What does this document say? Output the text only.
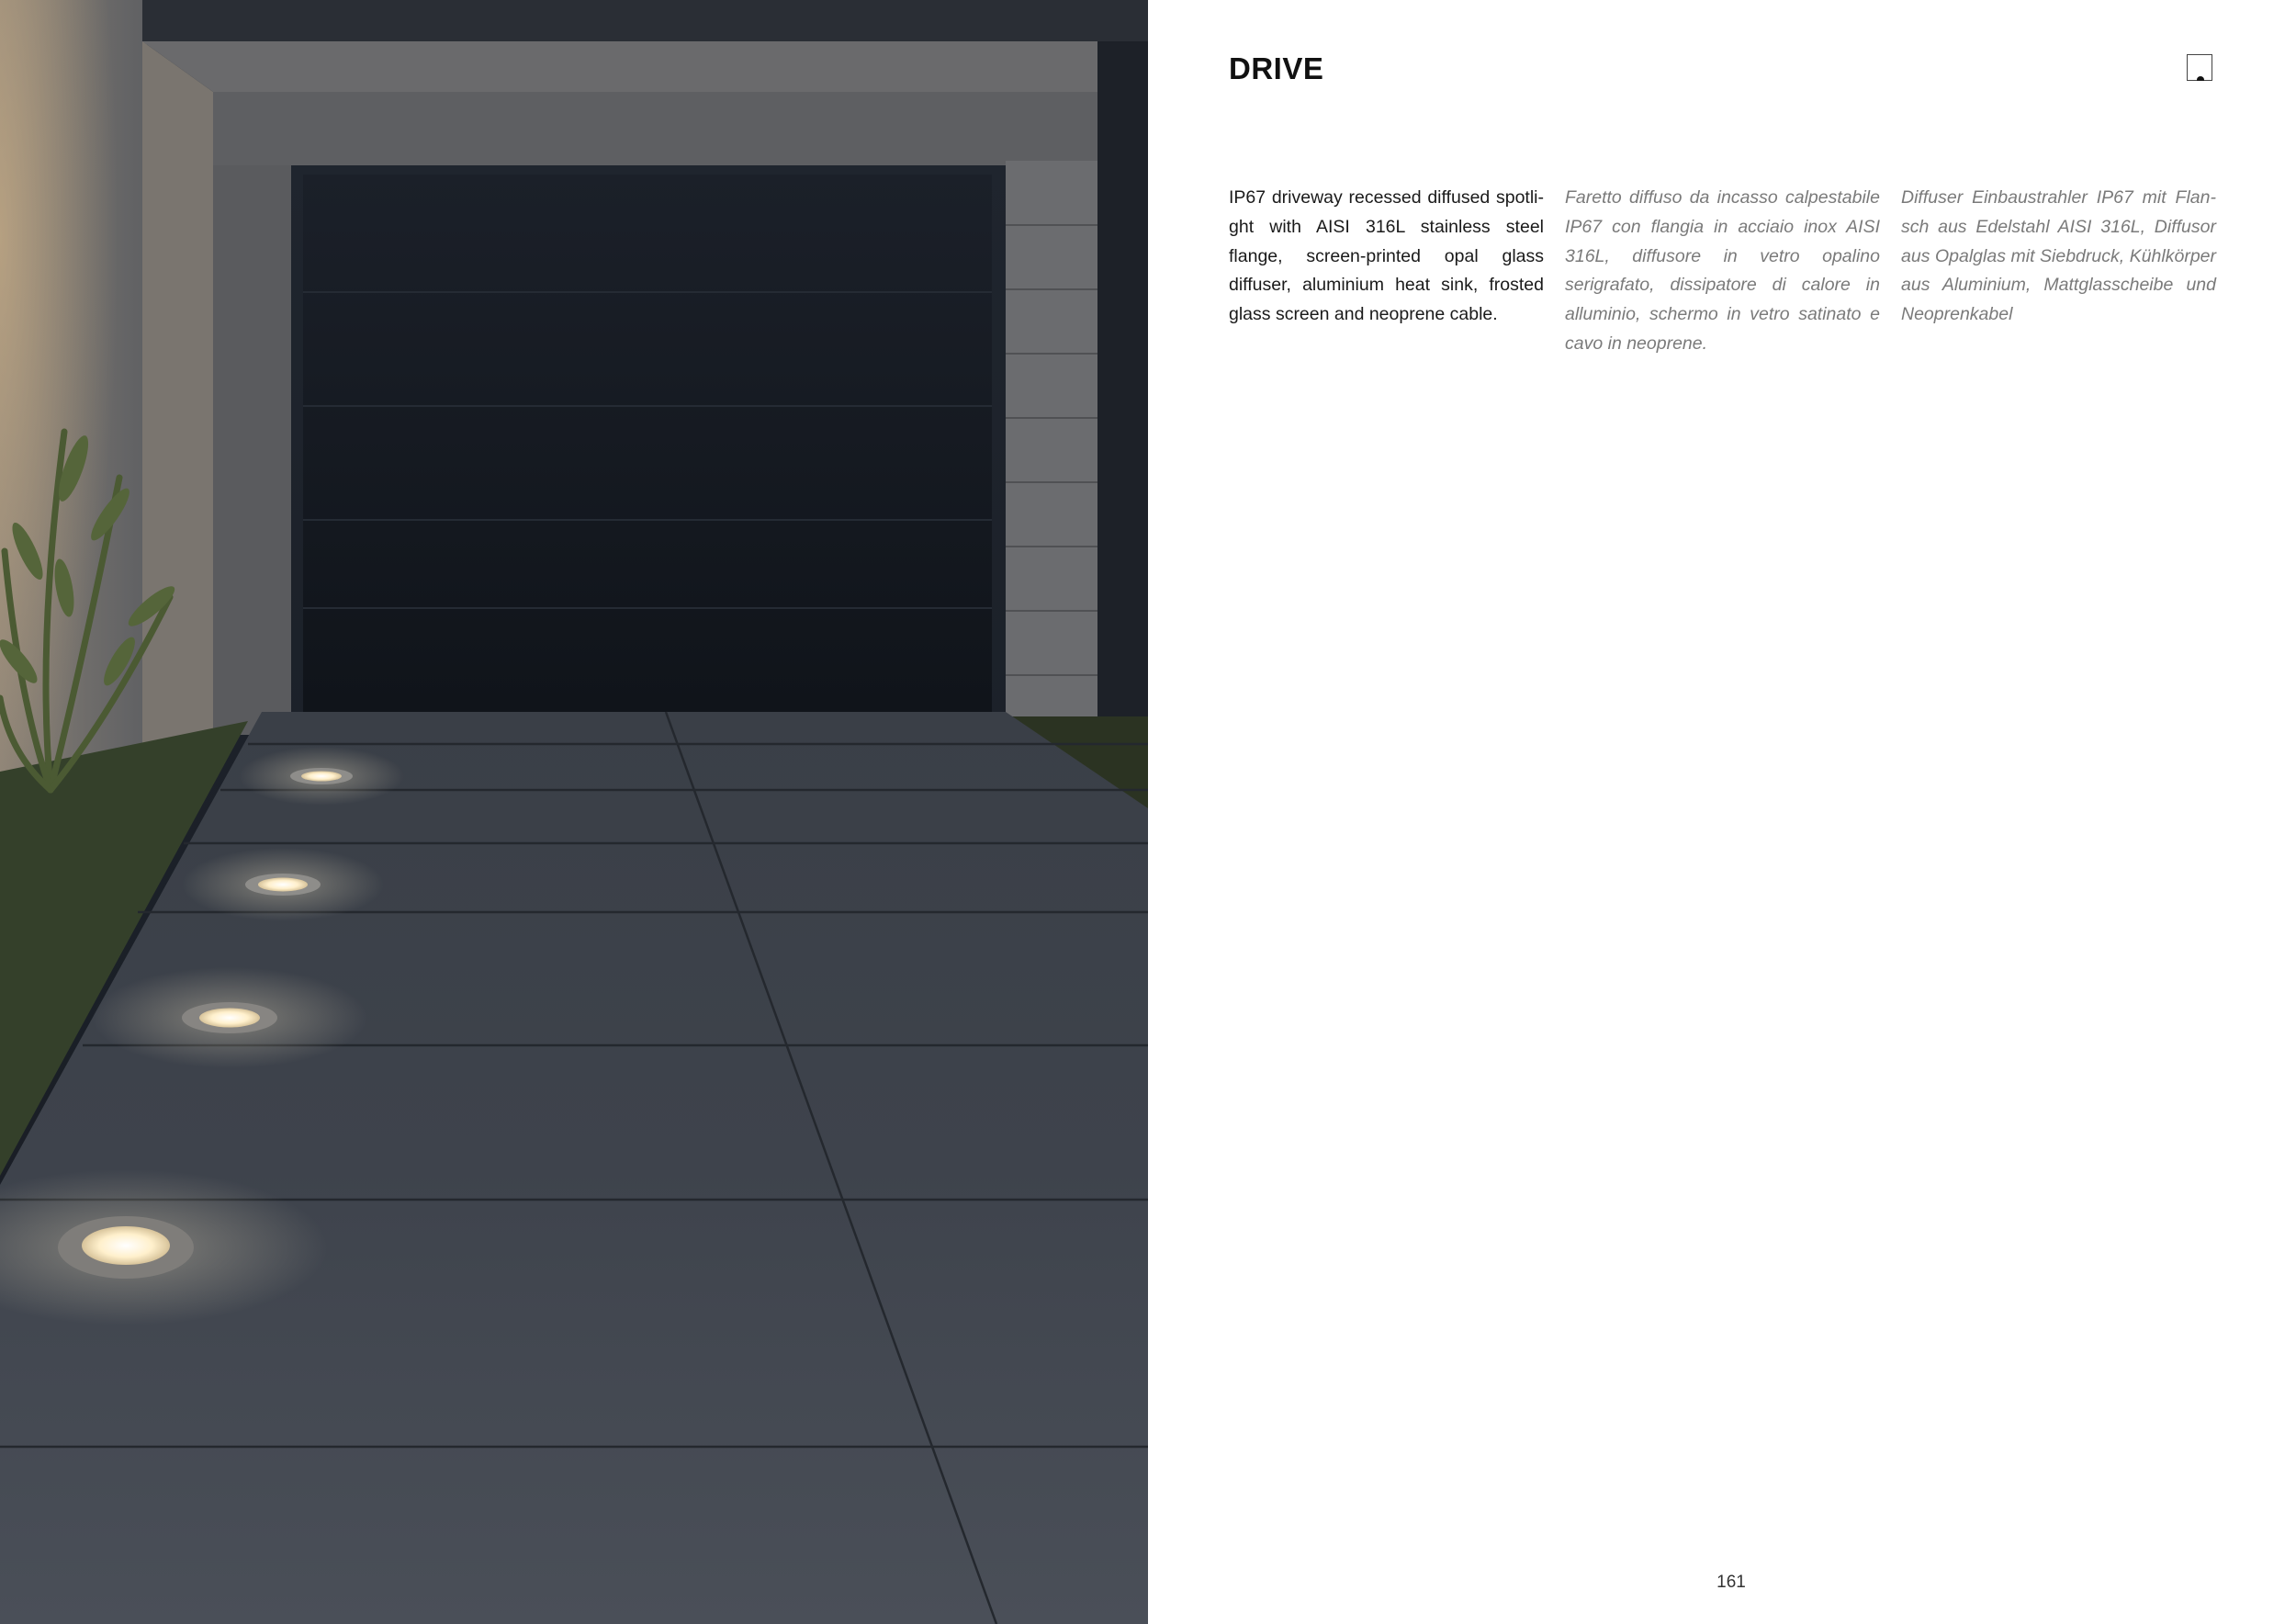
DRIVE

IP67 driveway recessed diffused spotlight with AISI 316L stainless steel flange, screen-printed opal glass diffuser, aluminium heat sink, frosted glass screen and neoprene cable.

Faretto diffuso da incasso calpestabile IP67 con flangia in acciaio inox AISI 316L, diffusore in vetro opalino serigrafato, dissipatore di calore in alluminio, schermo in vetro satinato e cavo in neoprene.

Diffuser Einbaustrahler IP67 mit Flansch aus Edelstahl AISI 316L, Diffusor aus Opalglas mit Siebdruck, Kühlkörper aus Aluminium, Mattglasscheibe und Neoprenkabel

161
